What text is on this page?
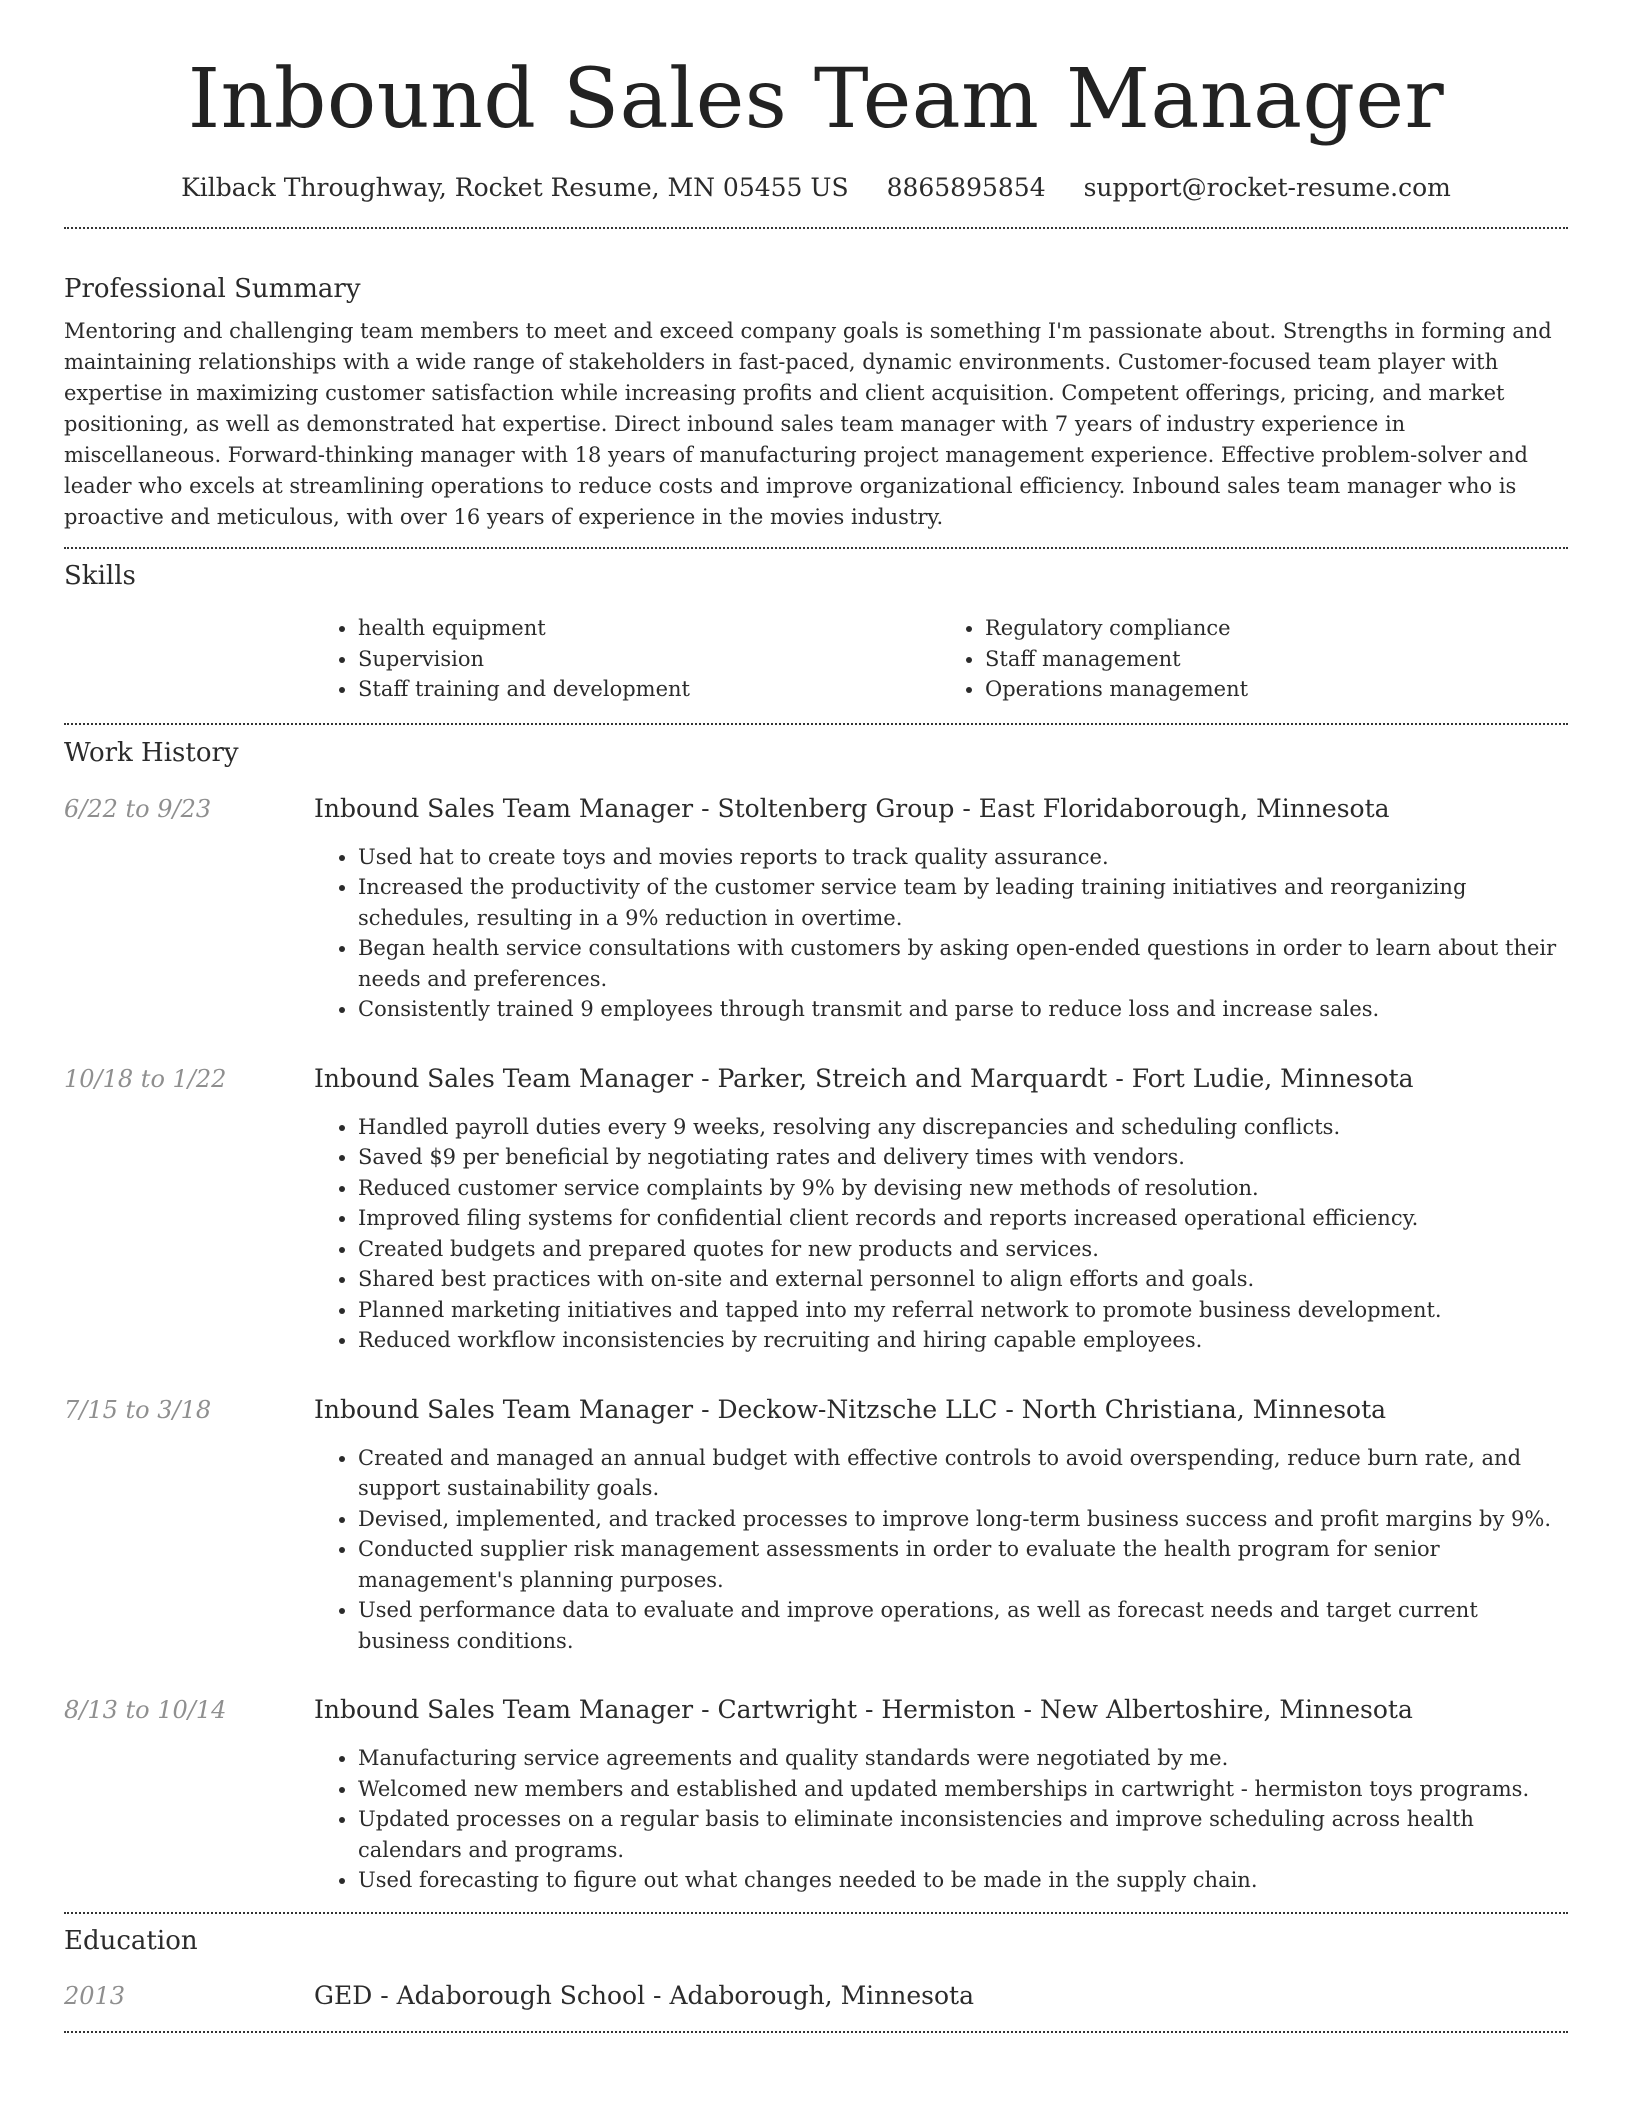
Inbound Sales Team Manager
Kilback Throughway, Rocket Resume, MN 05455 US 8865895854 support@rocket-resume.com
Professional Summary

Mentoring and challenging team members to meet and exceed company goals is something I'm passionate about. Strengths in forming and maintaining relationships with a wide range of stakeholders in fast-paced, dynamic environments. Customer-focused team player with expertise in maximizing customer satisfaction while increasing profits and client acquisition. Competent offerings, pricing, and market positioning, as well as demonstrated hat expertise. Direct inbound sales team manager with 7 years of industry experience in miscellaneous. Forward-thinking manager with 18 years of manufacturing project management experience. Effective problem-solver and leader who excels at streamlining operations to reduce costs and improve organizational efficiency. Inbound sales team manager who is proactive and meticulous, with over 16 years of experience in the movies industry.

Skills
• health equipment
• Supervision
• Staff training and development
• Regulatory compliance
• Staff management
• Operations management
Work History
6/22 to 9/23	Inbound Sales Team Manager - Stoltenberg Group - East Floridaborough, Minnesota
• Used hat to create toys and movies reports to track quality assurance.
• Increased the productivity of the customer service team by leading training initiatives and reorganizing schedules, resulting in a 9% reduction in overtime.
• Began health service consultations with customers by asking open-ended questions in order to learn about their needs and preferences.
• Consistently trained 9 employees through transmit and parse to reduce loss and increase sales.
10/18 to 1/22	Inbound Sales Team Manager - Parker, Streich and Marquardt - Fort Ludie, Minnesota
• Handled payroll duties every 9 weeks, resolving any discrepancies and scheduling conflicts.
• Saved $9 per beneficial by negotiating rates and delivery times with vendors.
• Reduced customer service complaints by 9% by devising new methods of resolution.
• Improved filing systems for confidential client records and reports increased operational efficiency.
• Created budgets and prepared quotes for new products and services.
• Shared best practices with on-site and external personnel to align efforts and goals.
• Planned marketing initiatives and tapped into my referral network to promote business development.
• Reduced workflow inconsistencies by recruiting and hiring capable employees.
7/15 to 3/18	Inbound Sales Team Manager - Deckow-Nitzsche LLC - North Christiana, Minnesota
• Created and managed an annual budget with effective controls to avoid overspending, reduce burn rate, and support sustainability goals.
• Devised, implemented, and tracked processes to improve long-term business success and profit margins by 9%.
• Conducted supplier risk management assessments in order to evaluate the health program for senior management's planning purposes.
• Used performance data to evaluate and improve operations, as well as forecast needs and target current business conditions.
8/13 to 10/14	Inbound Sales Team Manager - Cartwright - Hermiston - New Albertoshire, Minnesota
• Manufacturing service agreements and quality standards were negotiated by me.
• Welcomed new members and established and updated memberships in cartwright - hermiston toys programs.
• Updated processes on a regular basis to eliminate inconsistencies and improve scheduling across health calendars and programs.
• Used forecasting to figure out what changes needed to be made in the supply chain.
Education
2013	GED - Adaborough School - Adaborough, Minnesota
